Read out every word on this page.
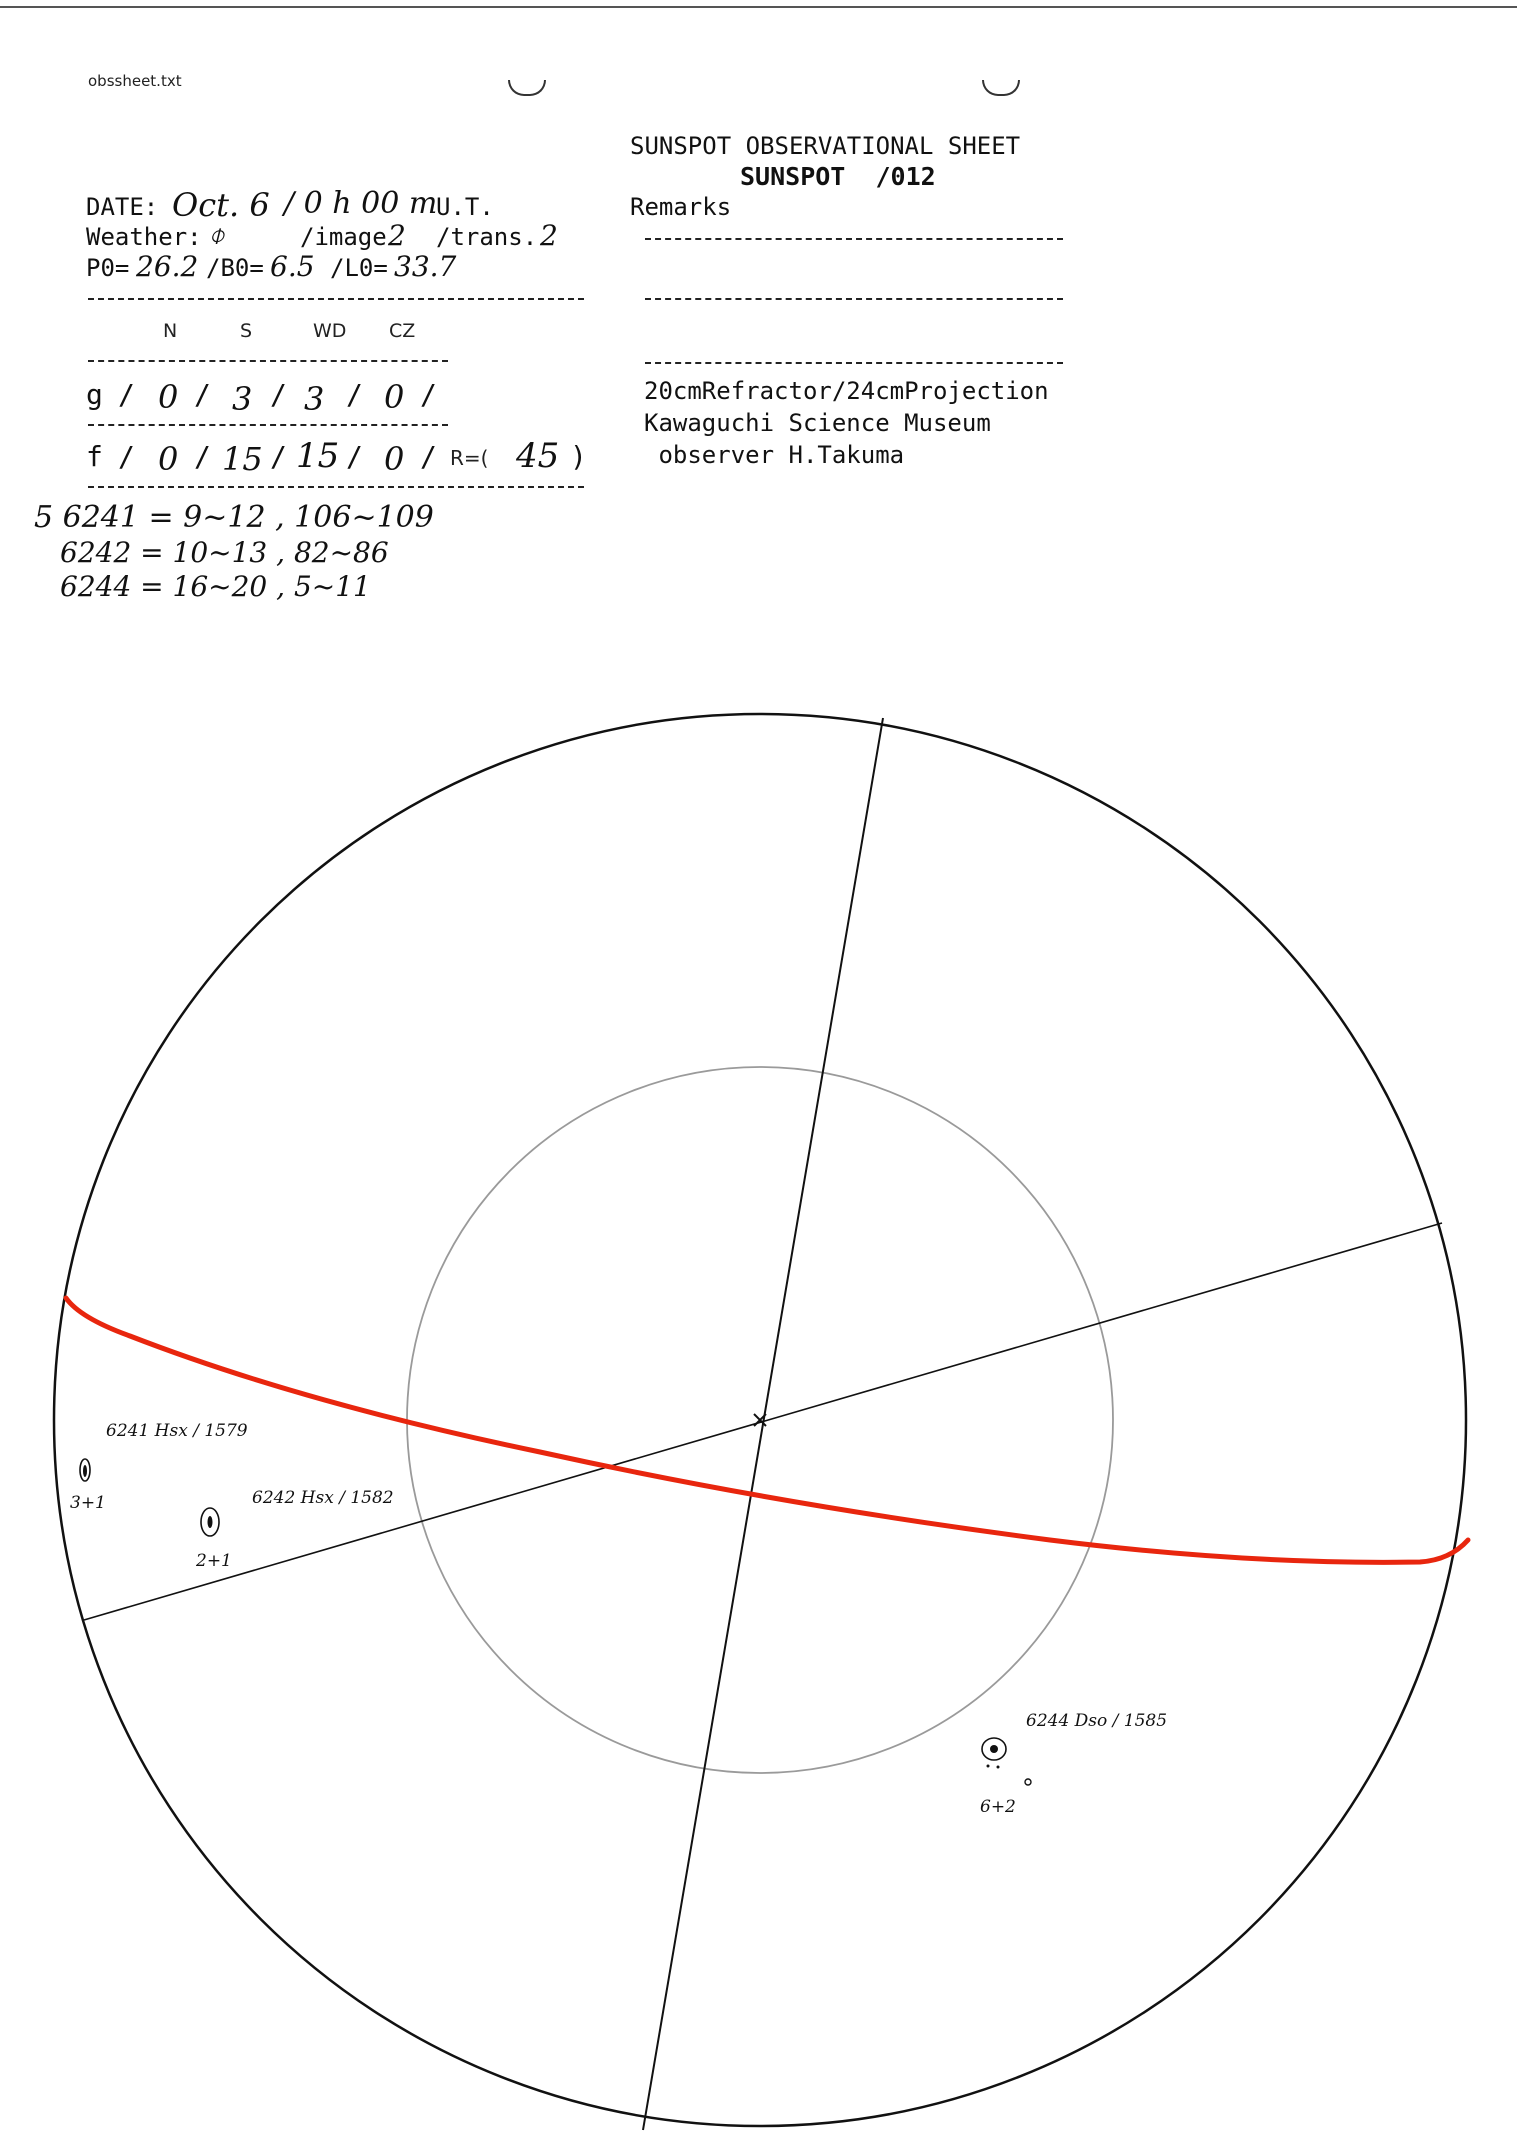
obssheet.txt
SUNSPOT OBSERVATIONAL SHEET
SUNSPOT  /012
DATE: Oct. 6 / 0 h 00 m
U.T.
Weather: ⌽	/image 2 /trans. 2
P0= 26.2 /B0= 6.5 /L0= 33.7
N	S	WD CZ
g / 0 / 3 / 3 / 0 /
f / 0 / 15 / 15 / 0 / R=( 45 )
Remarks
20cmRefractor/24cmProjection
Kawaguchi Science Museum
observer H.Takuma
5 6241 = 9~12 , 106~109
6242 = 10~13 , 82~86
6244 = 16~20 , 5~11
6241 Hsx / 1579
3+1	6242 Hsx / 1582
2+1
6244 Dso / 1585
6+2
